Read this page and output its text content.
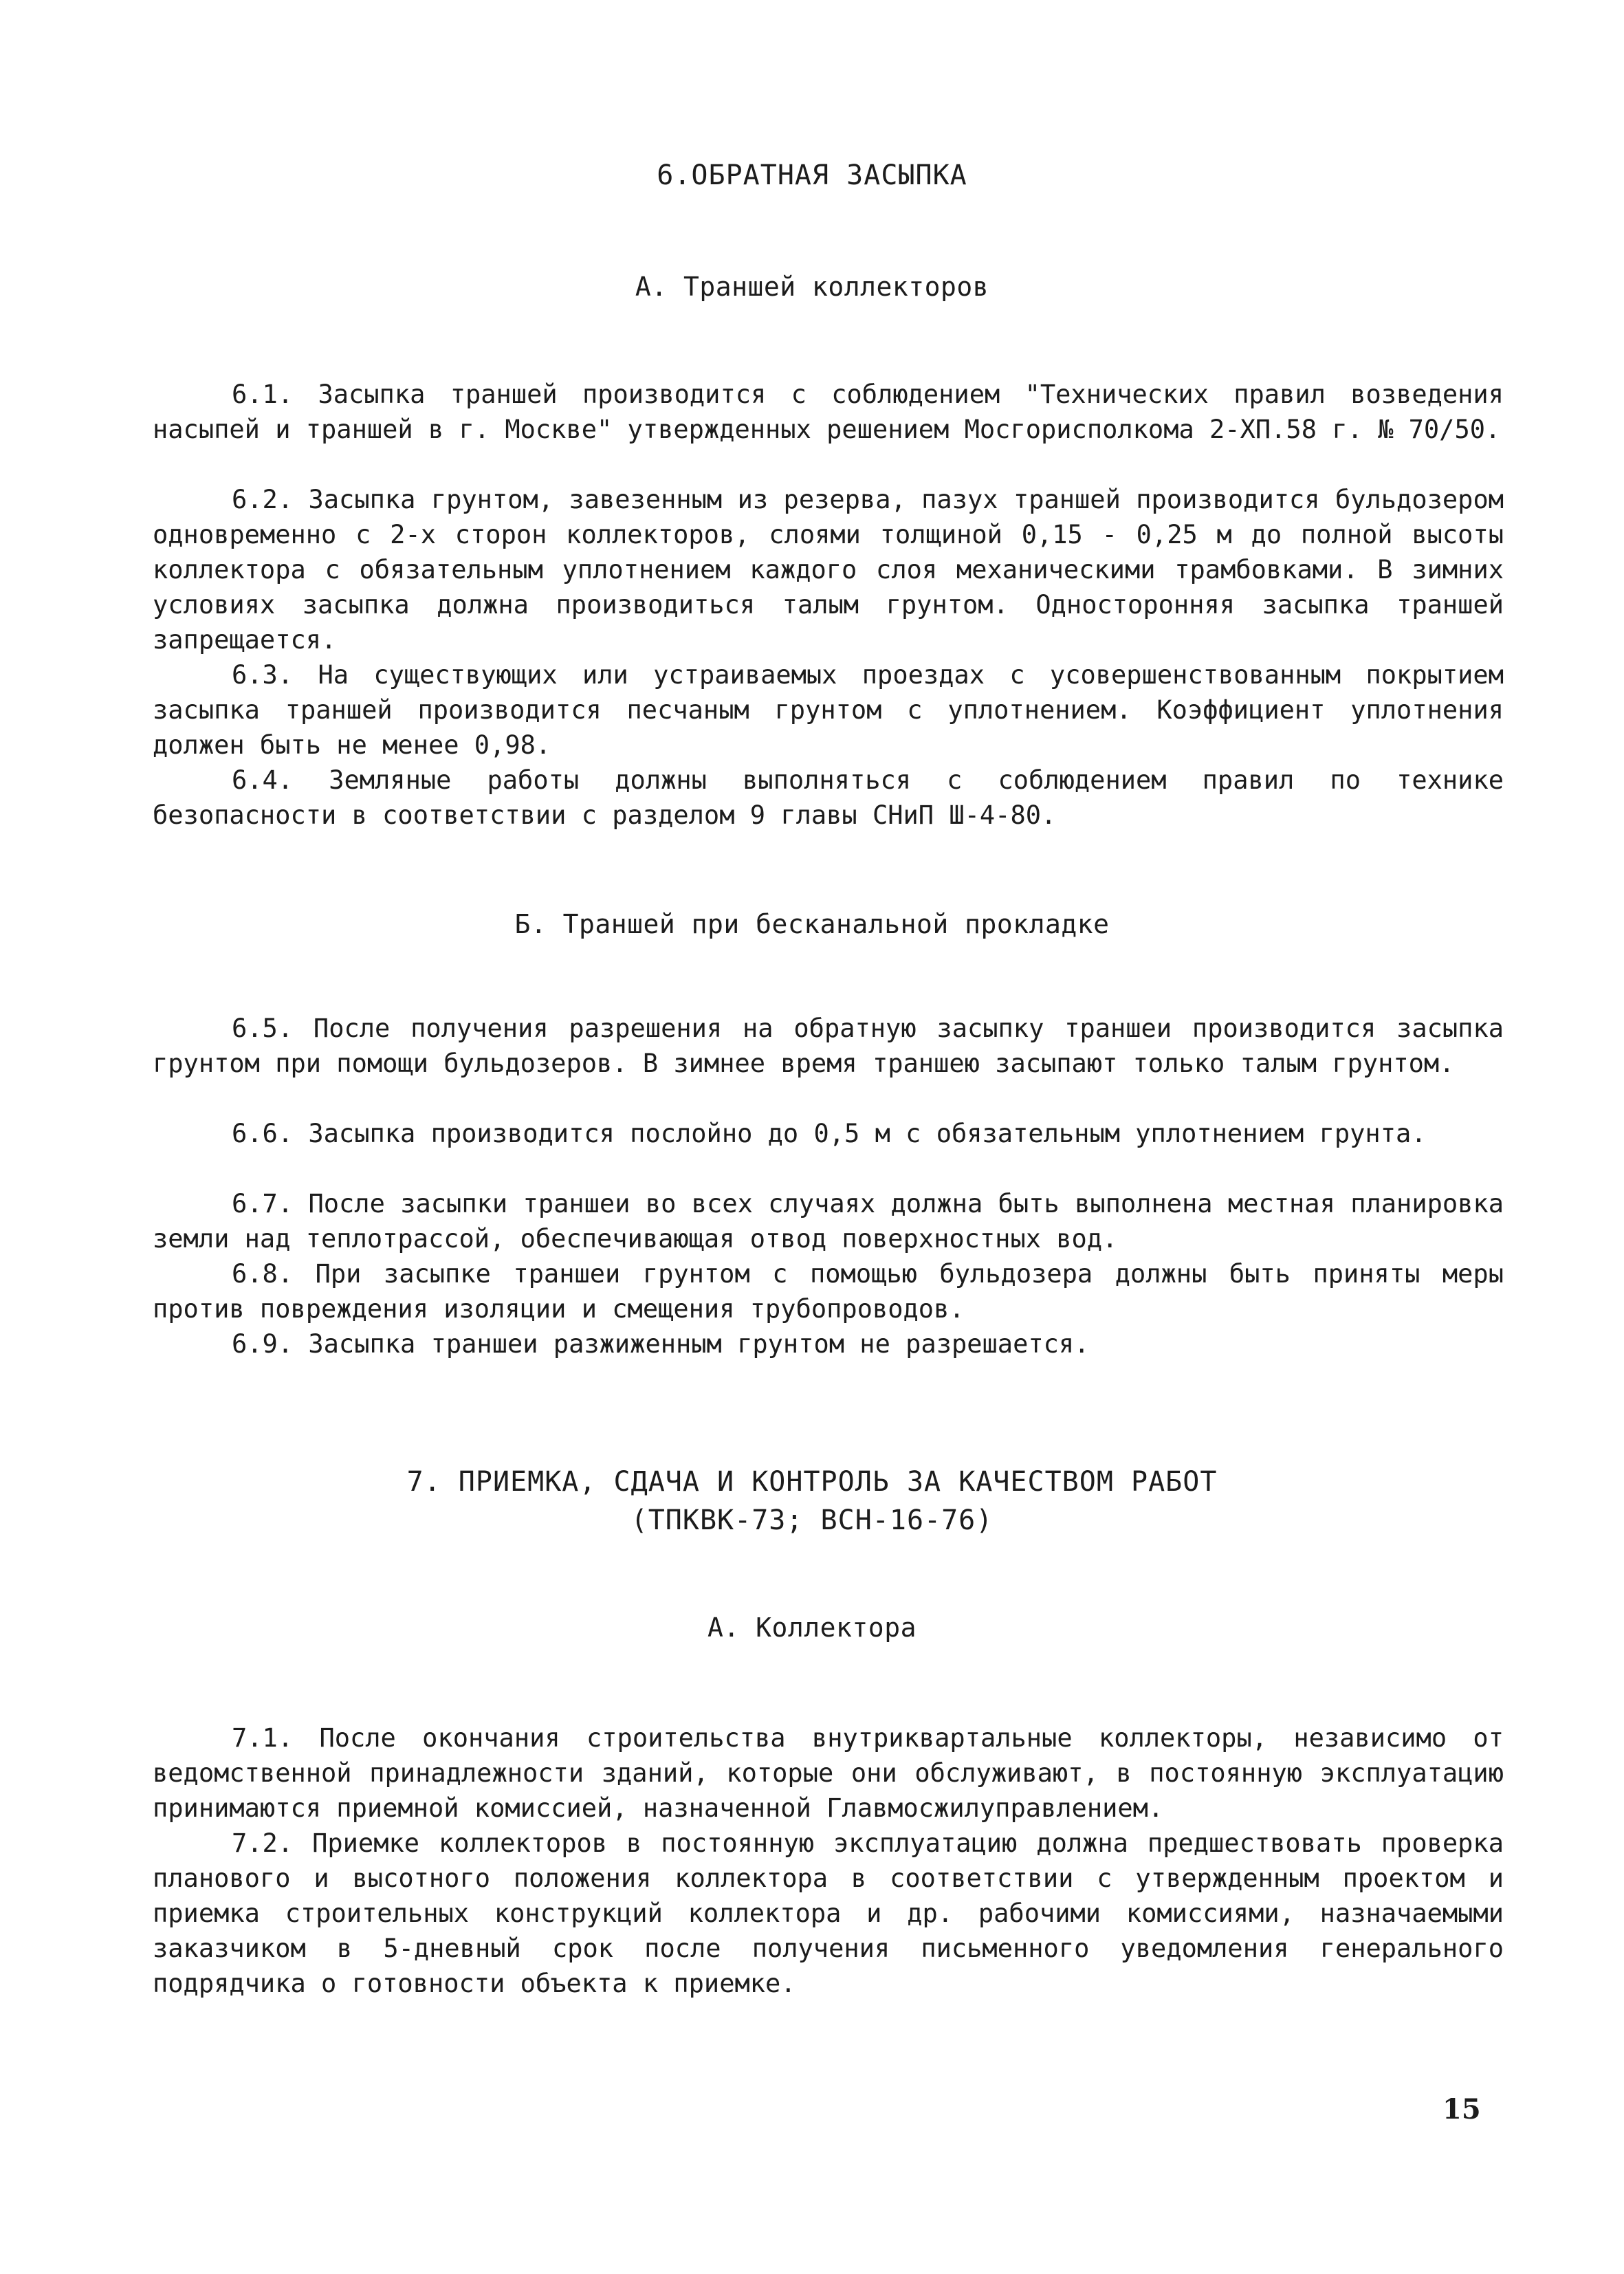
6.ОБРАТНАЯ ЗАСЫПКА
А. Траншей коллекторов
6.1. Засыпка траншей производится с соблюдением "Технических правил возведения насыпей и траншей в г. Москве" утвержденных решением Мосгорисполкома 2-ХП.58 г. № 70/50.
6.2. Засыпка грунтом, завезенным из резерва, пазух траншей производится бульдозером одновременно с 2-х сторон коллекторов, слоями толщиной 0,15 - 0,25 м до полной высоты коллектора с обязательным уплотнением каждого слоя механическими трамбовками. В зимних условиях засыпка должна производиться талым грунтом. Односторонняя засыпка траншей запрещается.
6.3. На существующих или устраиваемых проездах с усовершенствованным покрытием засыпка траншей производится песчаным грунтом с уплотнением. Коэффициент уплотнения должен быть не менее 0,98.
6.4. Земляные работы должны выполняться с соблюдением правил по технике безопасности в соответствии с разделом 9 главы СНиП Ш-4-80.
Б. Траншей при бесканальной прокладке
6.5. После получения разрешения на обратную засыпку траншеи производится засыпка грунтом при помощи бульдозеров. В зимнее время траншею засыпают только талым грунтом.
6.6. Засыпка производится послойно до 0,5 м с обязательным уплотнением грунта.
6.7. После засыпки траншеи во всех случаях должна быть выполнена местная планировка земли над теплотрассой, обеспечивающая отвод поверхностных вод.
6.8. При засыпке траншеи грунтом с помощью бульдозера должны быть приняты меры против повреждения изоляции и смещения трубопроводов.
6.9. Засыпка траншеи разжиженным грунтом не разрешается.
7. ПРИЕМКА, СДАЧА И КОНТРОЛЬ ЗА КАЧЕСТВОМ РАБОТ
(ТПКВК-73; ВСН-16-76)
А. Коллектора
7.1. После окончания строительства внутриквартальные коллекторы, независимо от ведомственной принадлежности зданий, которые они обслуживают, в постоянную эксплуатацию принимаются приемной комиссией, назначенной Главмосжилуправлением.
7.2. Приемке коллекторов в постоянную эксплуатацию должна предшествовать проверка планового и высотного положения коллектора в соответствии с утвержденным проектом и приемка строительных конструкций коллектора и др. рабочими комиссиями, назначаемыми заказчиком в 5-дневный срок после получения письменного уведомления генерального подрядчика о готовности объекта к приемке.
15
